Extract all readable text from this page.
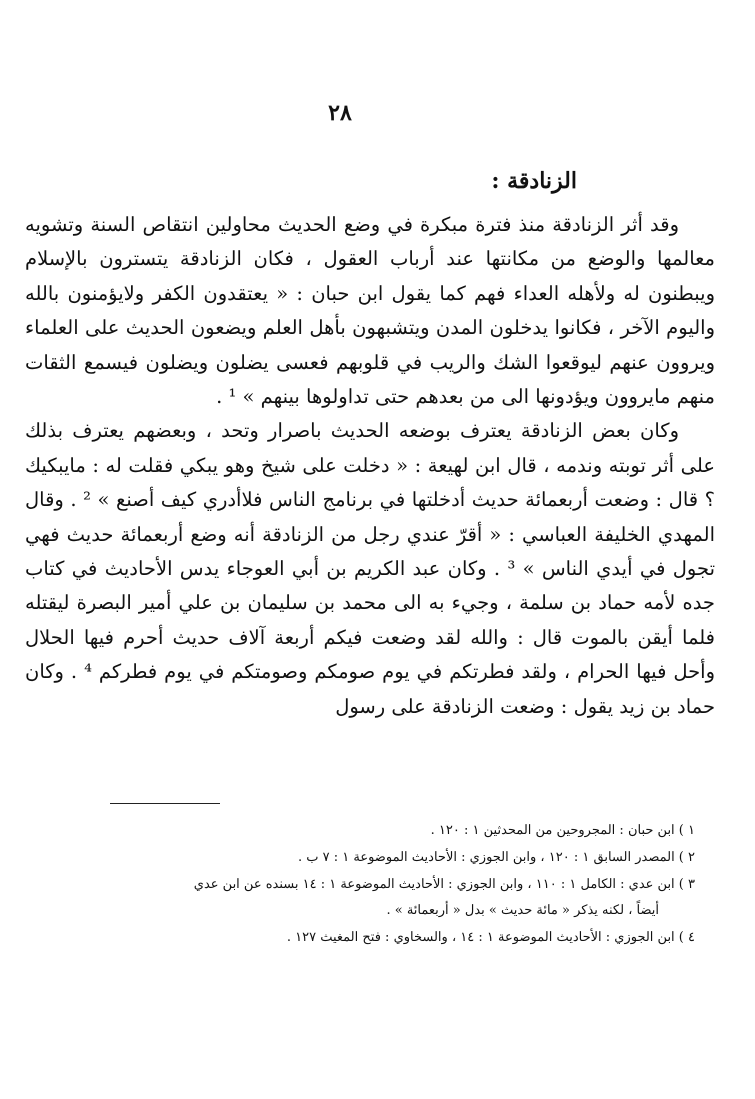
٢٨
الزنادقة :

وقد أثر الزنادقة منذ فترة مبكرة في وضع الحديث محاولين انتقاص السنة وتشويه معالمها والوضع من مكانتها عند أرباب العقول ، فكان الزنادقة يتسترون بالإسلام ويبطنون له ولأهله العداء فهم كما يقول ابن حبان : « يعتقدون الكفر ولايؤمنون بالله واليوم الآخر ، فكانوا يدخلون المدن ويتشبهون بأهل العلم ويضعون الحديث على العلماء ويروون عنهم ليوقعوا الشك والريب في قلوبهم فعسى يضلون ويضلون فيسمع الثقات منهم مايروون ويؤدونها الى من بعدهم حتى تداولوها بينهم » ¹ .

وكان بعض الزنادقة يعترف بوضعه الحديث باصرار وتحد ، وبعضهم يعترف بذلك على أثر توبته وندمه ، قال ابن لهيعة : « دخلت على شيخ وهو يبكي فقلت له : مايبكيك ؟ قال : وضعت أربعمائة حديث أدخلتها في برنامج الناس فلاأدري كيف أصنع » ² . وقال المهدي الخليفة العباسي : « أقرّ عندي رجل من الزنادقة أنه وضع أربعمائة حديث فهي تجول في أيدي الناس » ³ . وكان عبد الكريم بن أبي العوجاء يدس الأحاديث في كتاب جده لأمه حماد بن سلمة ، وجيء به الى محمد بن سليمان بن علي أمير البصرة ليقتله فلما أيقن بالموت قال : والله لقد وضعت فيكم أربعة آلاف حديث أحرم فيها الحلال وأحل فيها الحرام ، ولقد فطرتكم في يوم صومكم وصومتكم في يوم فطركم ⁴ . وكان حماد بن زيد يقول : وضعت الزنادقة على رسول

١ ) ابن حبان : المجروحين من المحدثين ١ : ١٢٠ .

٢ ) المصدر السابق ١ : ١٢٠ ، وابن الجوزي : الأحاديث الموضوعة ١ : ٧ ب .

٣ ) ابن عدي : الكامل ١ : ١١٠ ، وابن الجوزي : الأحاديث الموضوعة ١ : ١٤ بسنده عن ابن عدي

أيضاً ، لكنه يذكر « مائة حديث » بدل « أربعمائة » .

٤ ) ابن الجوزي : الأحاديث الموضوعة ١ : ١٤ ، والسخاوي : فتح المغيث ١٢٧ .
